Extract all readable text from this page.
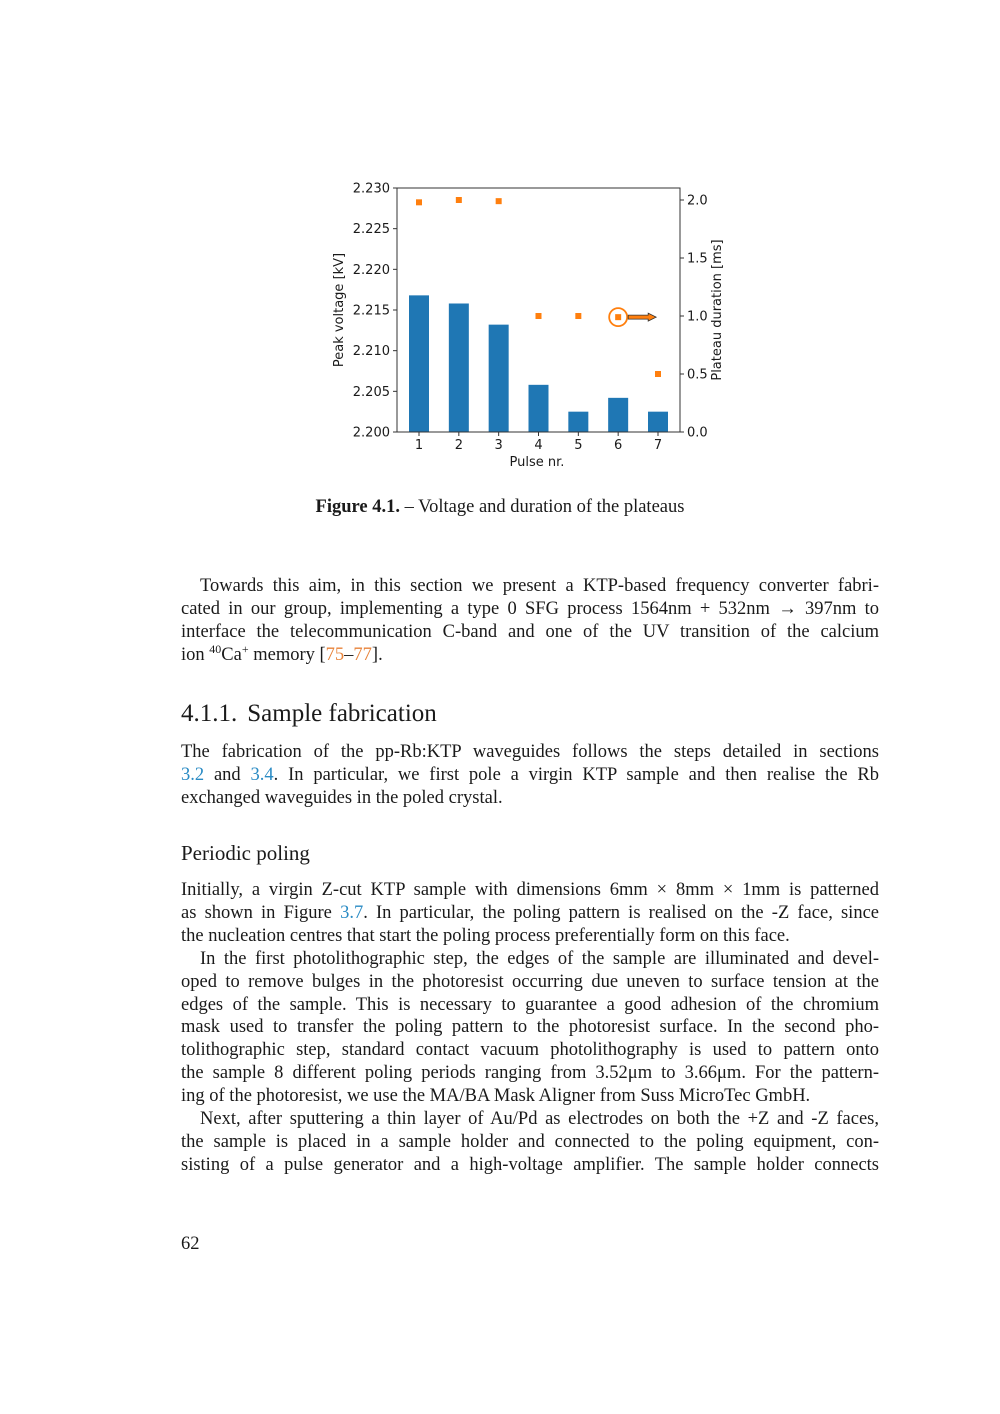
2.200
2.205
2.210
2.215
2.220
2.225
2.230
0.0
0.5
1.0
1.5
2.0
1 2 3 4 5 6 7
Pulse nr.
Peak voltage [kV]	Plateau duration [ms]
Figure 4.1. – Voltage and duration of the plateaus
Towards this aim, in this section we present a KTP-based frequency converter fabri-
cated in our group, implementing a type 0 SFG process 1564nm + 532nm → 397nm to
interface the telecommunication C-band and one of the UV transition of the calcium
ion $^{40}$Ca+ memory [75–77].
4.1.1. Sample fabrication
The fabrication of the pp-Rb:KTP waveguides follows the steps detailed in sections
3.2 and 3.4. In particular, we first pole a virgin KTP sample and then realise the Rb
exchanged waveguides in the poled crystal.
Periodic poling
Initially, a virgin Z-cut KTP sample with dimensions 6mm × 8mm × 1mm is patterned
as shown in Figure 3.7. In particular, the poling pattern is realised on the -Z face, since
the nucleation centres that start the poling process preferentially form on this face.
In the first photolithographic step, the edges of the sample are illuminated and devel-
oped to remove bulges in the photoresist occurring due uneven to surface tension at the
edges of the sample. This is necessary to guarantee a good adhesion of the chromium
mask used to transfer the poling pattern to the photoresist surface. In the second pho-
tolithographic step, standard contact vacuum photolithography is used to pattern onto
the sample 8 different poling periods ranging from 3.52μm to 3.66μm. For the pattern-
ing of the photoresist, we use the MA/BA Mask Aligner from Suss MicroTec GmbH.
Next, after sputtering a thin layer of Au/Pd as electrodes on both the +Z and -Z faces,
the sample is placed in a sample holder and connected to the poling equipment, con-
sisting of a pulse generator and a high-voltage amplifier. The sample holder connects
62
